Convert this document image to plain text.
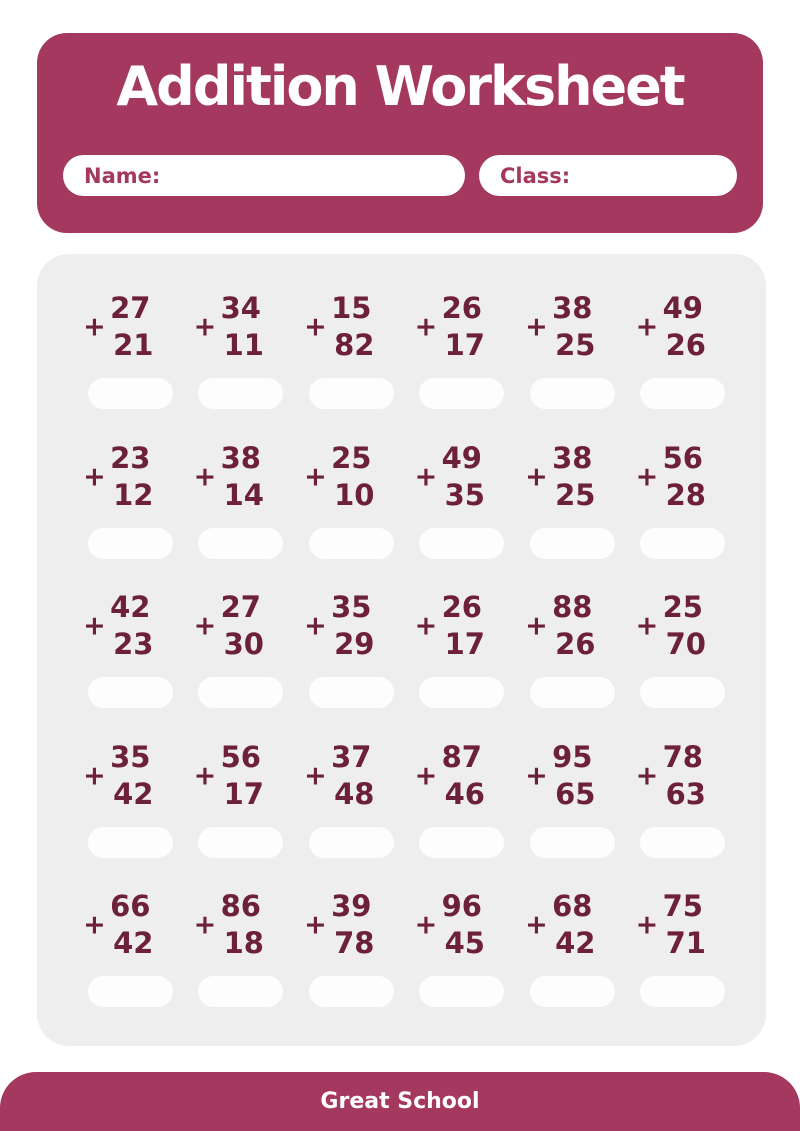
Addition Worksheet
Name:	Class:
+
27
21
+
34
11
+
15
82
+
26
17
+
38
25
+
49
26
+
23
12
+
38
14
+
25
10
+
49
35
+
38
25
+
56
28
+
42
23
+
27
30
+
35
29
+
26
17
+
88
26
+
25
70
+
35
42
+
56
17
+
37
48
+
87
46
+
95
65
+
78
63
+
66
42
+
86
18
+
39
78
+
96
45
+
68
42
+
75
71
Great School
